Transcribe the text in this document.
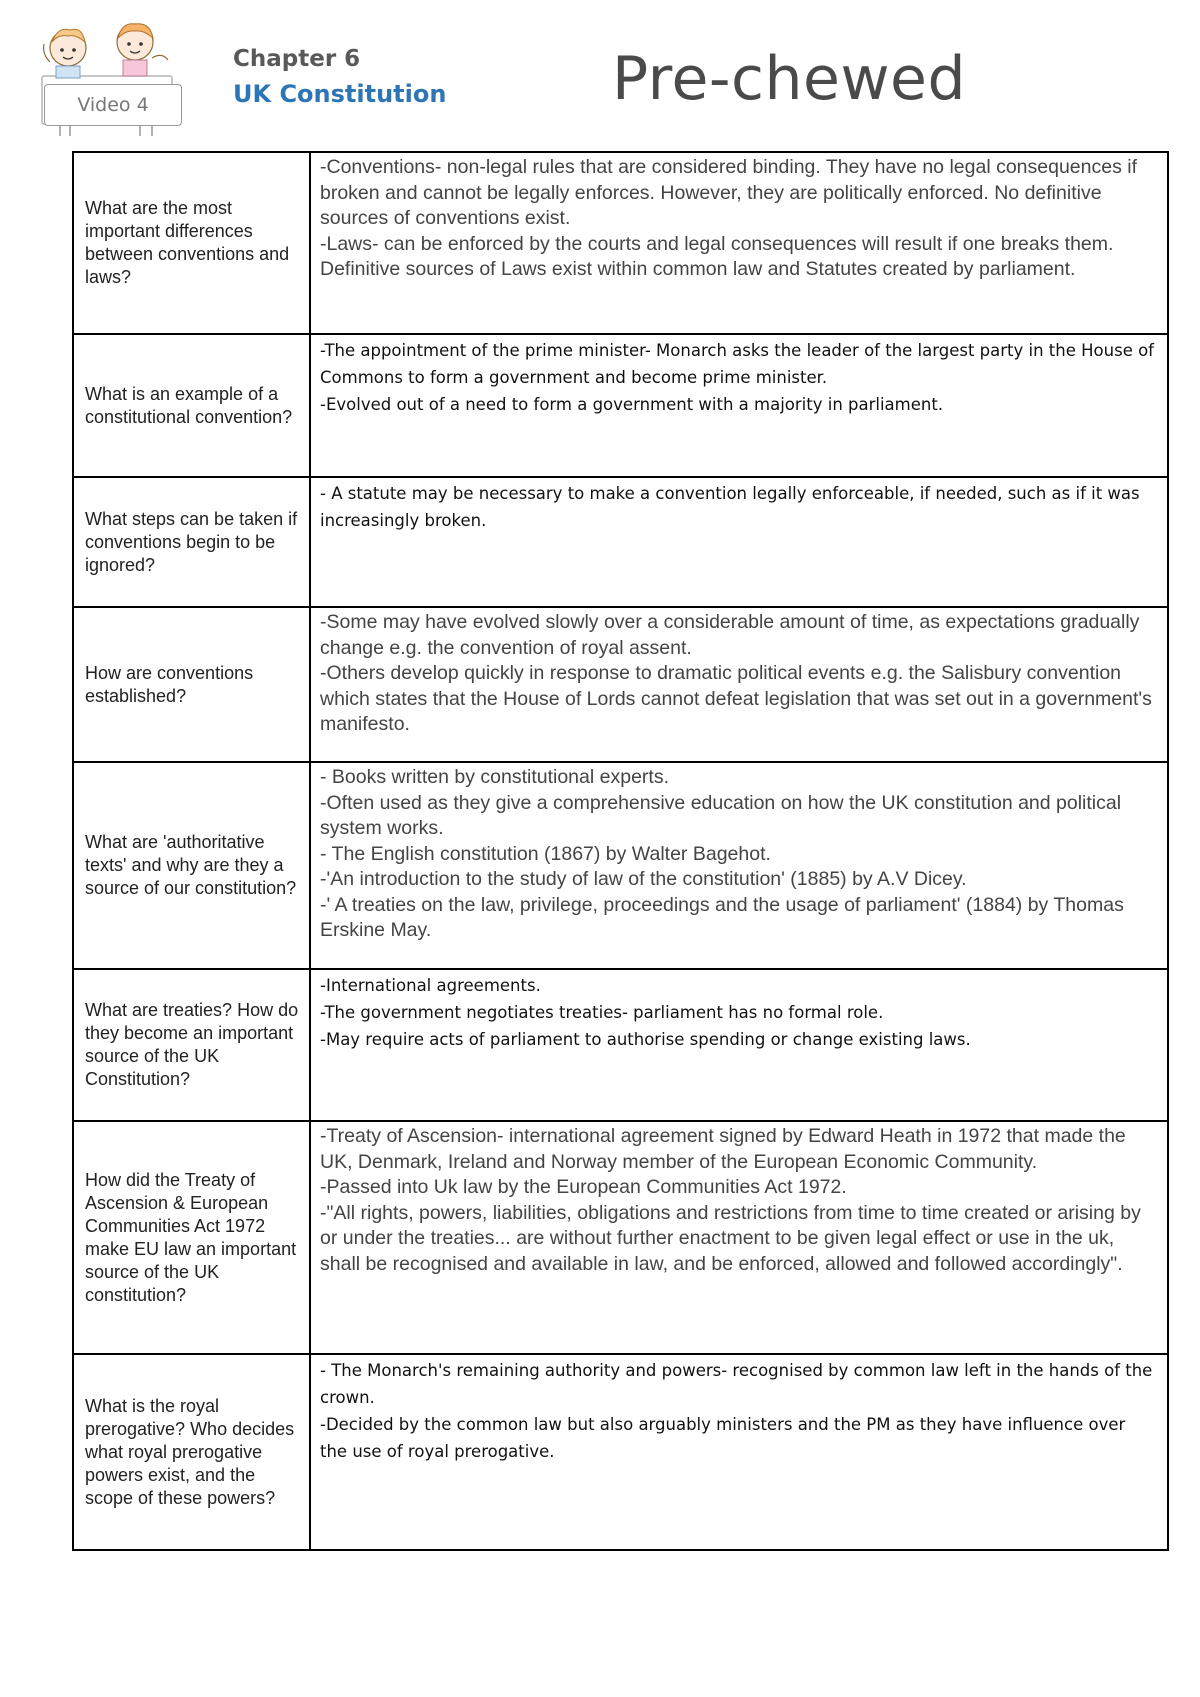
Video 4
Chapter 6
UK Constitution	Pre-chewed
What are the most important differences between conventions and laws?	-Conventions- non-legal rules that are considered binding. They have no legal consequences if broken and cannot be legally enforces. However, they are politically enforced. No definitive sources of conventions exist.
-Laws- can be enforced by the courts and legal consequences will result if one breaks them. Definitive sources of Laws exist within common law and Statutes created by parliament.

What is an example of a constitutional convention?	-The appointment of the prime minister- Monarch asks the leader of the largest party in the House of Commons to form a government and become prime minister.
-Evolved out of a need to form a government with a majority in parliament.

What steps can be taken if conventions begin to be ignored?	- A statute may be necessary to make a convention legally enforceable, if needed, such as if it was increasingly broken.

How are conventions established?	-Some may have evolved slowly over a considerable amount of time, as expectations gradually change e.g. the convention of royal assent.
-Others develop quickly in response to dramatic political events e.g. the Salisbury convention which states that the House of Lords cannot defeat legislation that was set out in a government's manifesto.

What are 'authoritative texts' and why are they a source of our constitution?	- Books written by constitutional experts.
-Often used as they give a comprehensive education on how the UK constitution and political system works.
- The English constitution (1867) by Walter Bagehot.
-'An introduction to the study of law of the constitution' (1885) by A.V Dicey.
-' A treaties on the law, privilege, proceedings and the usage of parliament' (1884) by Thomas Erskine May.

What are treaties? How do they become an important source of the UK Constitution?	-International agreements.
-The government negotiates treaties- parliament has no formal role.
-May require acts of parliament to authorise spending or change existing laws.

How did the Treaty of Ascension & European Communities Act 1972 make EU law an important source of the UK constitution?	-Treaty of Ascension- international agreement signed by Edward Heath in 1972 that made the UK, Denmark, Ireland and Norway member of the European Economic Community.
-Passed into Uk law by the European Communities Act 1972.
-"All rights, powers, liabilities, obligations and restrictions from time to time created or arising by or under the treaties... are without further enactment to be given legal effect or use in the uk, shall be recognised and available in law, and be enforced, allowed and followed accordingly".

What is the royal prerogative? Who decides what royal prerogative powers exist, and the scope of these powers?	- The Monarch's remaining authority and powers- recognised by common law left in the hands of the crown.
-Decided by the common law but also arguably ministers and the PM as they have influence over the use of royal prerogative.
